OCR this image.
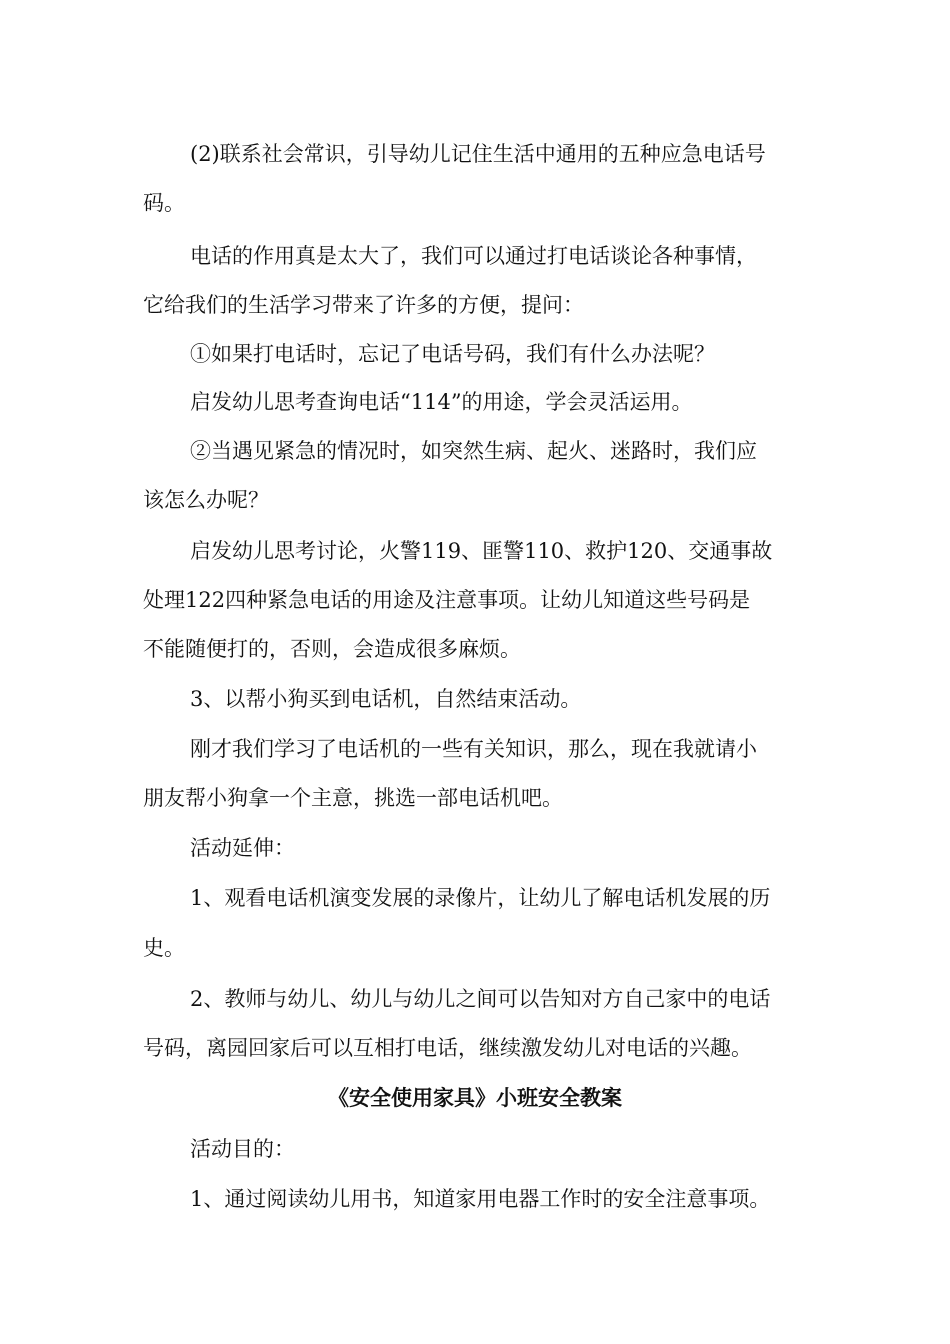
(2)联系社会常识，引导幼儿记住生活中通用的五种应急电话号
码。
电话的作用真是太大了，我们可以通过打电话谈论各种事情，
它给我们的生活学习带来了许多的方便，提问：
①如果打电话时，忘记了电话号码，我们有什么办法呢？
启发幼儿思考查询电话“114”的用途，学会灵活运用。
②当遇见紧急的情况时，如突然生病、起火、迷路时，我们应
该怎么办呢？
启发幼儿思考讨论，火警119、匪警110、救护120、交通事故
处理122四种紧急电话的用途及注意事项。让幼儿知道这些号码是
不能随便打的，否则，会造成很多麻烦。
3、以帮小狗买到电话机，自然结束活动。
刚才我们学习了电话机的一些有关知识，那么，现在我就请小
朋友帮小狗拿一个主意，挑选一部电话机吧。
活动延伸：
1、观看电话机演变发展的录像片，让幼儿了解电话机发展的历
史。
2、教师与幼儿、幼儿与幼儿之间可以告知对方自己家中的电话
号码，离园回家后可以互相打电话，继续激发幼儿对电话的兴趣。
《安全使用家具》小班安全教案
活动目的：
1、通过阅读幼儿用书，知道家用电器工作时的安全注意事项。
